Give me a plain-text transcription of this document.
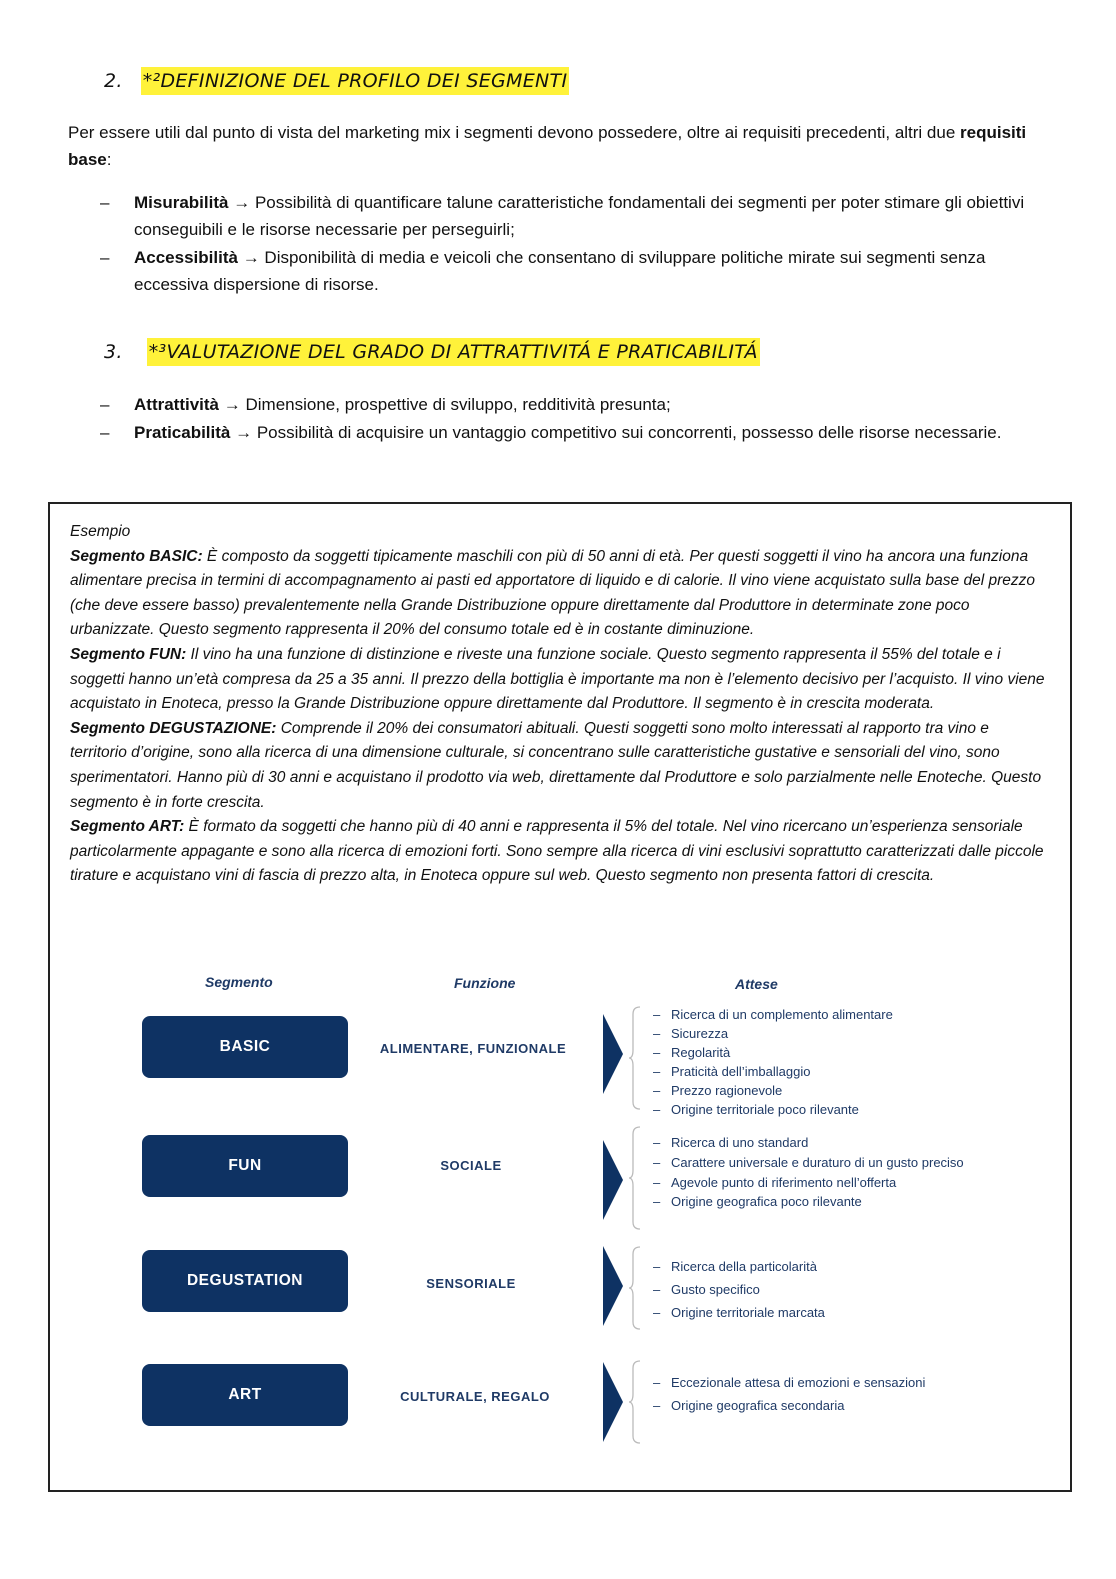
2. *²DEFINIZIONE DEL PROFILO DEI SEGMENTI
Per essere utili dal punto di vista del marketing mix i segmenti devono possedere, oltre ai requisiti precedenti, altri due requisiti base:
– Misurabilità → Possibilità di quantificare talune caratteristiche fondamentali dei segmenti per poter stimare gli obiettivi conseguibili e le risorse necessarie per perseguirli;
– Accessibilità → Disponibilità di media e veicoli che consentano di sviluppare politiche mirate sui segmenti senza eccessiva dispersione di risorse.
3. *³VALUTAZIONE DEL GRADO DI ATTRATTIVITÁ E PRATICABILITÁ
– Attrattività → Dimensione, prospettive di sviluppo, redditività presunta;
– Praticabilità → Possibilità di acquisire un vantaggio competitivo sui concorrenti, possesso delle risorse necessarie.

Esempio

Segmento BASIC: È composto da soggetti tipicamente maschili con più di 50 anni di età. Per questi soggetti il vino ha ancora una funziona alimentare precisa in termini di accompagnamento ai pasti ed apportatore di liquido e di calorie. Il vino viene acquistato sulla base del prezzo (che deve essere basso) prevalentemente nella Grande Distribuzione oppure direttamente dal Produttore in determinate zone poco urbanizzate. Questo segmento rappresenta il 20% del consumo totale ed è in costante diminuzione.

Segmento FUN: Il vino ha una funzione di distinzione e riveste una funzione sociale. Questo segmento rappresenta il 55% del totale e i soggetti hanno un’età compresa da 25 a 35 anni. Il prezzo della bottiglia è importante ma non è l’elemento decisivo per l’acquisto. Il vino viene acquistato in Enoteca, presso la Grande Distribuzione oppure direttamente dal Produttore. Il segmento è in crescita moderata.

Segmento DEGUSTAZIONE: Comprende il 20% dei consumatori abituali. Questi soggetti sono molto interessati al rapporto tra vino e territorio d’origine, sono alla ricerca di una dimensione culturale, si concentrano sulle caratteristiche gustative e sensoriali del vino, sono sperimentatori. Hanno più di 30 anni e acquistano il prodotto via web, direttamente dal Produttore e solo parzialmente nelle Enoteche. Questo segmento è in forte crescita.

Segmento ART: È formato da soggetti che hanno più di 40 anni e rappresenta il 5% del totale. Nel vino ricercano un’esperienza sensoriale particolarmente appagante e sono alla ricerca di emozioni forti. Sono sempre alla ricerca di vini esclusivi soprattutto caratterizzati dalle piccole tirature e acquistano vini di fascia di prezzo alta, in Enoteca oppure sul web. Questo segmento non presenta fattori di crescita.

Segmento	Funzione	Attese
BASIC	ALIMENTARE, FUNZIONALE
– Ricerca di un complemento alimentare
– Sicurezza
– Regolarità
– Praticità dell’imballaggio
– Prezzo ragionevole
– Origine territoriale poco rilevante
FUN	SOCIALE
– Ricerca di uno standard
– Carattere universale e duraturo di un gusto preciso
– Agevole punto di riferimento nell’offerta
– Origine geografica poco rilevante
DEGUSTATION	SENSORIALE
– Ricerca della particolarità
– Gusto specifico
– Origine territoriale marcata
ART	CULTURALE, REGALO
– Eccezionale attesa di emozioni e sensazioni
– Origine geografica secondaria
